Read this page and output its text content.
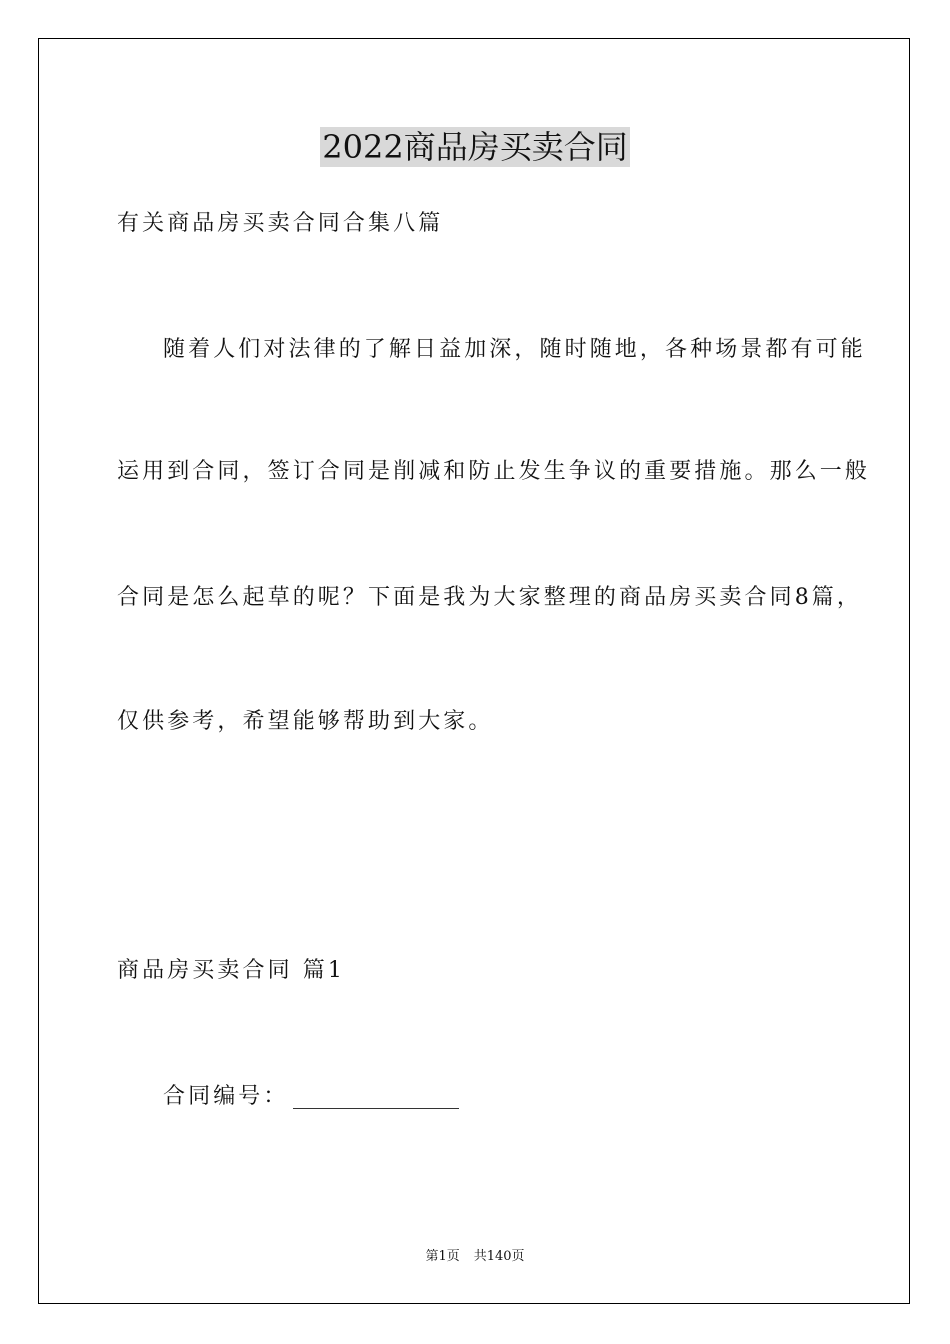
2022商品房买卖合同
有关商品房买卖合同合集八篇
随着人们对法律的了解日益加深，随时随地，各种场景都有可能
运用到合同，签订合同是削减和防止发生争议的重要措施。那么一般
合同是怎么起草的呢？下面是我为大家整理的商品房买卖合同8篇，
仅供参考，希望能够帮助到大家。
商品房买卖合同 篇1
合同编号：
第1页 共140页
